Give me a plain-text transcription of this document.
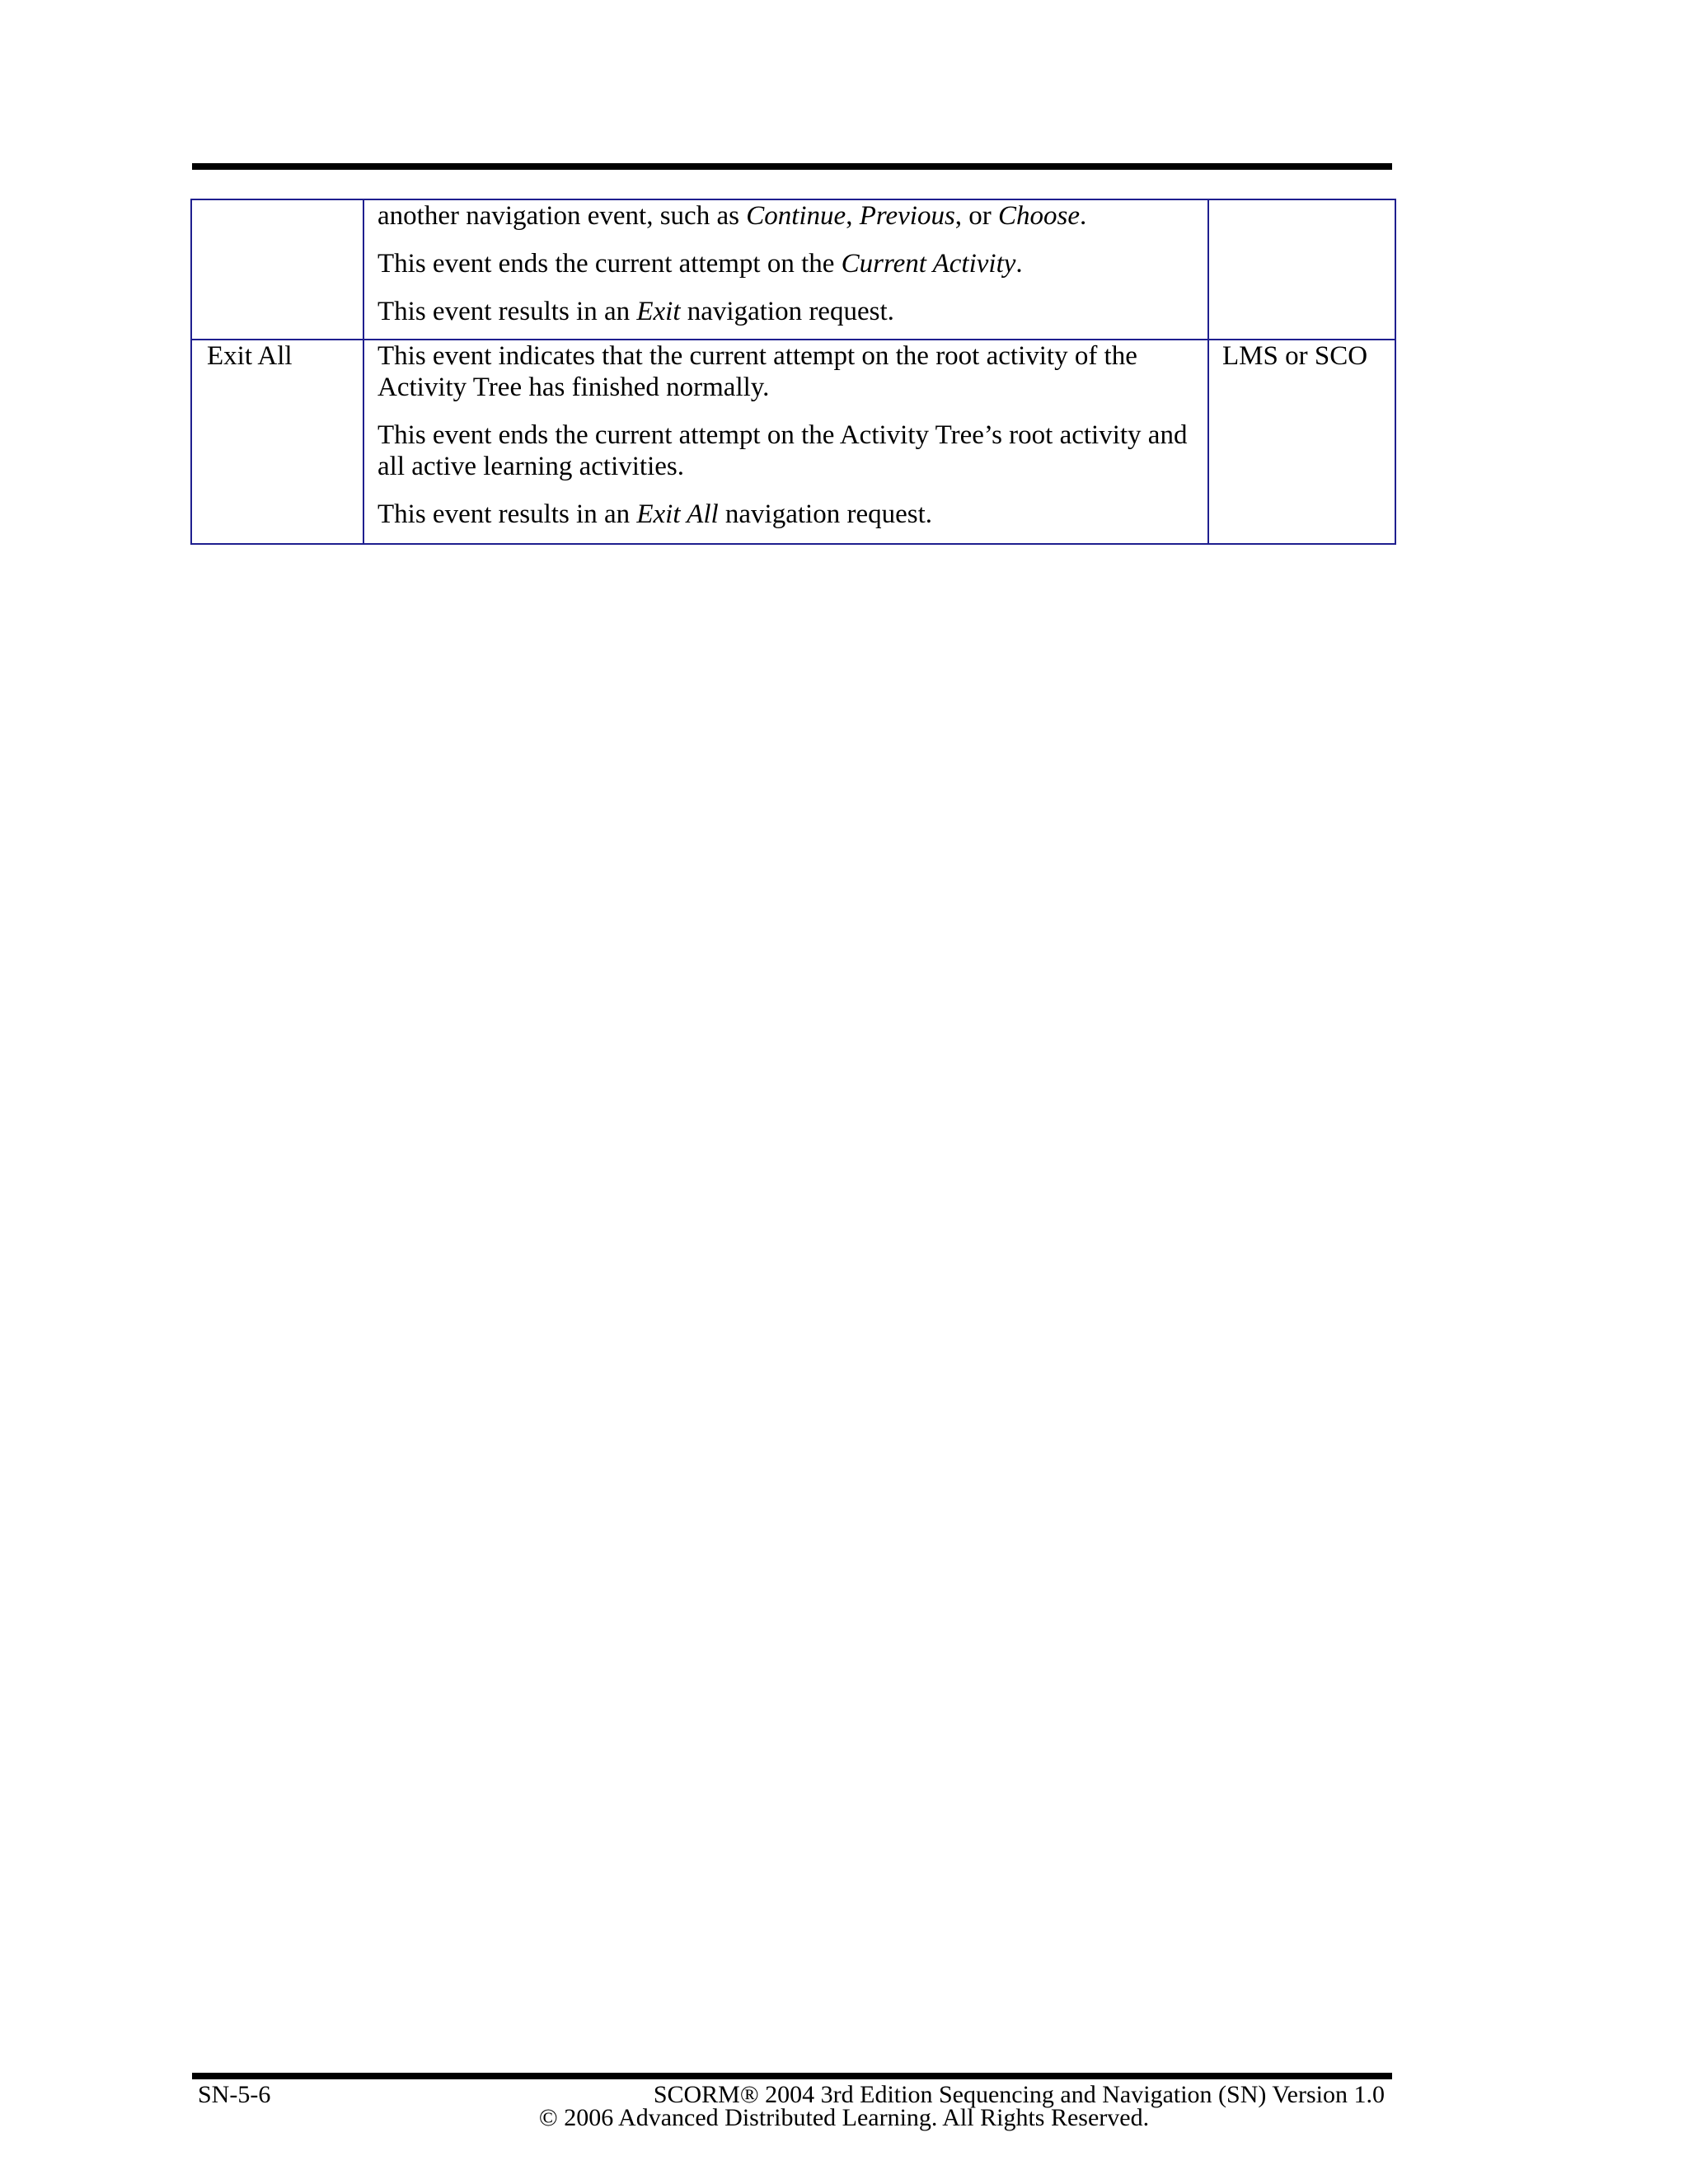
	another navigation event, such as Continue, Previous, or Choose.

This event ends the current attempt on the Current Activity.

This event results in an Exit navigation request.	

Exit All	This event indicates that the current attempt on the root activity of the Activity Tree has finished normally.

This event ends the current attempt on the Activity Tree’s root activity and all active learning activities.

This event results in an Exit All navigation request.	LMS or SCO
SN-5-6	SCORM® 2004 3rd Edition Sequencing and Navigation (SN) Version 1.0
© 2006 Advanced Distributed Learning. All Rights Reserved.
